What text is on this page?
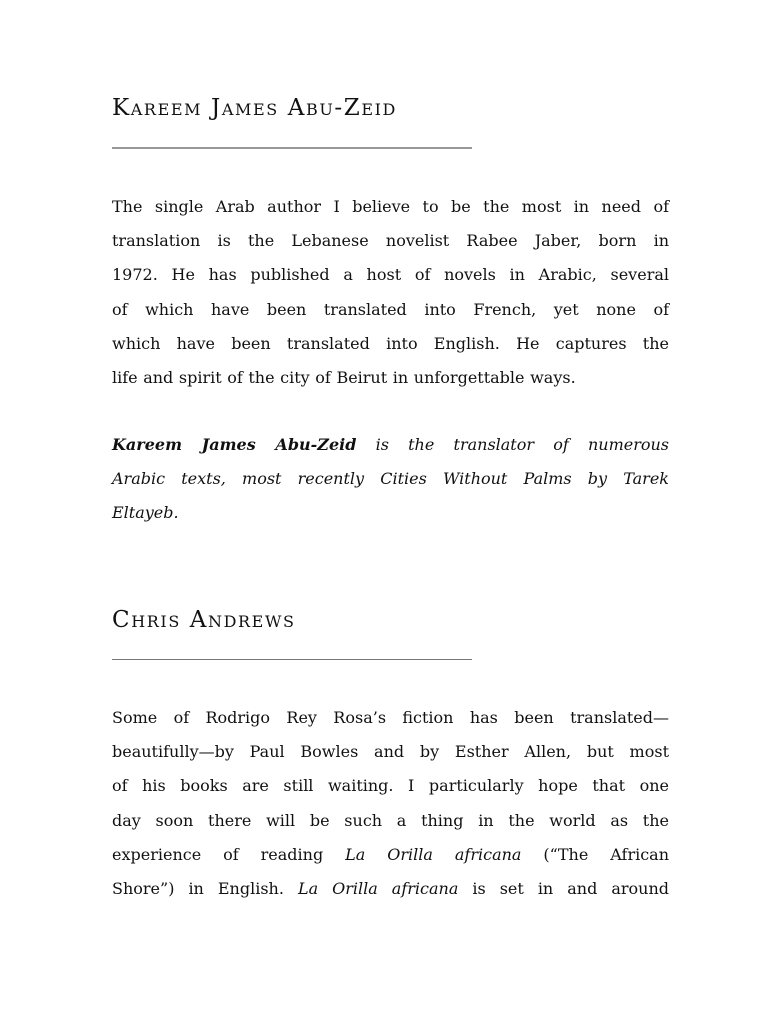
Kareem James Abu-Zeid
The single Arab author I believe to be the most in need of
translation is the Lebanese novelist Rabee Jaber, born in
1972. He has published a host of novels in Arabic, several
of which have been translated into French, yet none of
which have been translated into English. He captures the
life and spirit of the city of Beirut in unforgettable ways.
Kareem James Abu-Zeid is the translator of numerous
Arabic texts, most recently Cities Without Palms by Tarek
Eltayeb.
Chris Andrews
Some of Rodrigo Rey Rosa’s fiction has been translated—
beautifully—by Paul Bowles and by Esther Allen, but most
of his books are still waiting. I particularly hope that one
day soon there will be such a thing in the world as the
experience of reading La Orilla africana (“The African
Shore”) in English. La Orilla africana is set in and around
